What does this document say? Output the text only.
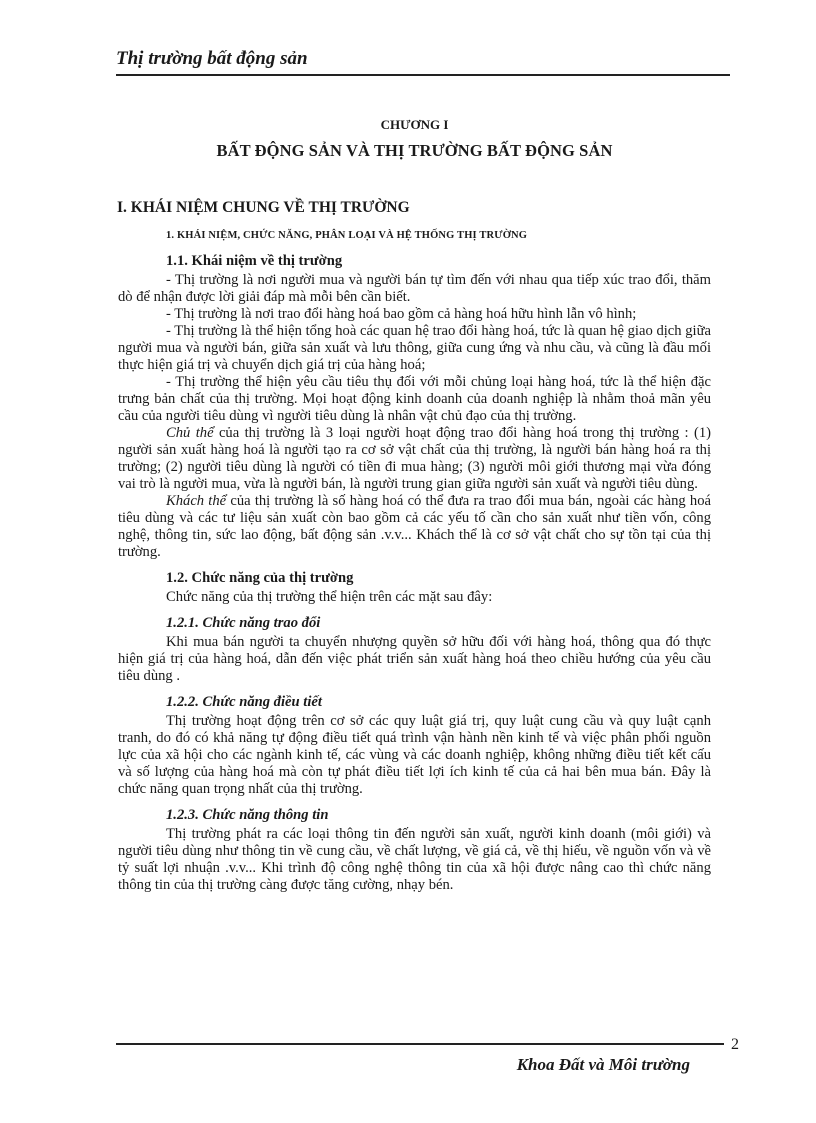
Thị trường bất động sản
CHƯƠNG I
BẤT ĐỘNG SẢN VÀ THỊ TRƯỜNG BẤT ĐỘNG SẢN
I. KHÁI NIỆM CHUNG VỀ THỊ TRƯỜNG
1. KHÁI NIỆM, CHỨC NĂNG, PHÂN LOẠI VÀ HỆ THỐNG THỊ TRƯỜNG
1.1. Khái niệm về thị trường

- Thị trường là nơi người mua và người bán tự tìm đến với nhau qua tiếp xúc trao đổi, thăm dò để nhận được lời giải đáp mà mỗi bên cần biết.

- Thị trường là nơi trao đổi hàng hoá bao gồm cả hàng hoá hữu hình lẫn vô hình;

- Thị trường là thể hiện tổng hoà các quan hệ trao đổi hàng hoá, tức là quan hệ giao dịch giữa người mua và người bán, giữa sản xuất và lưu thông, giữa cung ứng và nhu cầu, và cũng là đầu mối thực hiện giá trị và chuyển dịch giá trị của hàng hoá;

- Thị trường thể hiện yêu cầu tiêu thụ đối với mỗi chủng loại hàng hoá, tức là thể hiện đặc trưng bản chất của thị trường. Mọi hoạt động kinh doanh của doanh nghiệp là nhằm thoả mãn yêu cầu của người tiêu dùng vì người tiêu dùng là nhân vật chủ đạo của thị trường.

Chủ thể của thị trường là 3 loại người hoạt động trao đổi hàng hoá trong thị trường : (1) người sản xuất hàng hoá là người tạo ra cơ sở vật chất của thị trường, là người bán hàng hoá ra thị trường; (2) người tiêu dùng là người có tiền đi mua hàng; (3) người môi giới thương mại vừa đóng vai trò là người mua, vừa là người bán, là người trung gian giữa người sản xuất và người tiêu dùng.

Khách thể của thị trường là số hàng hoá có thể đưa ra trao đổi mua bán, ngoài các hàng hoá tiêu dùng và các tư liệu sản xuất còn bao gồm cả các yếu tố cần cho sản xuất như tiền vốn, công nghệ, thông tin, sức lao động, bất động sản .v.v... Khách thể là cơ sở vật chất cho sự tồn tại của thị trường.

1.2. Chức năng của thị trường

Chức năng của thị trường thể hiện trên các mặt sau đây:

1.2.1. Chức năng trao đổi

Khi mua bán người ta chuyển nhượng quyền sở hữu đối với hàng hoá, thông qua đó thực hiện giá trị của hàng hoá, dẫn đến việc phát triển sản xuất hàng hoá theo chiều hướng của yêu cầu tiêu dùng .

1.2.2. Chức năng điều tiết

Thị trường hoạt động trên cơ sở các quy luật giá trị, quy luật cung cầu và quy luật cạnh tranh, do đó có khả năng tự động điều tiết quá trình vận hành nền kinh tế và việc phân phối nguồn lực của xã hội cho các ngành kinh tế, các vùng và các doanh nghiệp, không những điều tiết kết cấu và số lượng của hàng hoá mà còn tự phát điều tiết lợi ích kinh tế của cả hai bên mua bán. Đây là chức năng quan trọng nhất của thị trường.

1.2.3. Chức năng thông tin

Thị trường phát ra các loại thông tin đến người sản xuất, người kinh doanh (môi giới) và người tiêu dùng như thông tin về cung cầu, về chất lượng, về giá cả, về thị hiếu, về nguồn vốn và về tỷ suất lợi nhuận .v.v... Khi trình độ công nghệ thông tin của xã hội được nâng cao thì chức năng thông tin của thị trường càng được tăng cường, nhạy bén.

2
Khoa Đất và Môi trường
